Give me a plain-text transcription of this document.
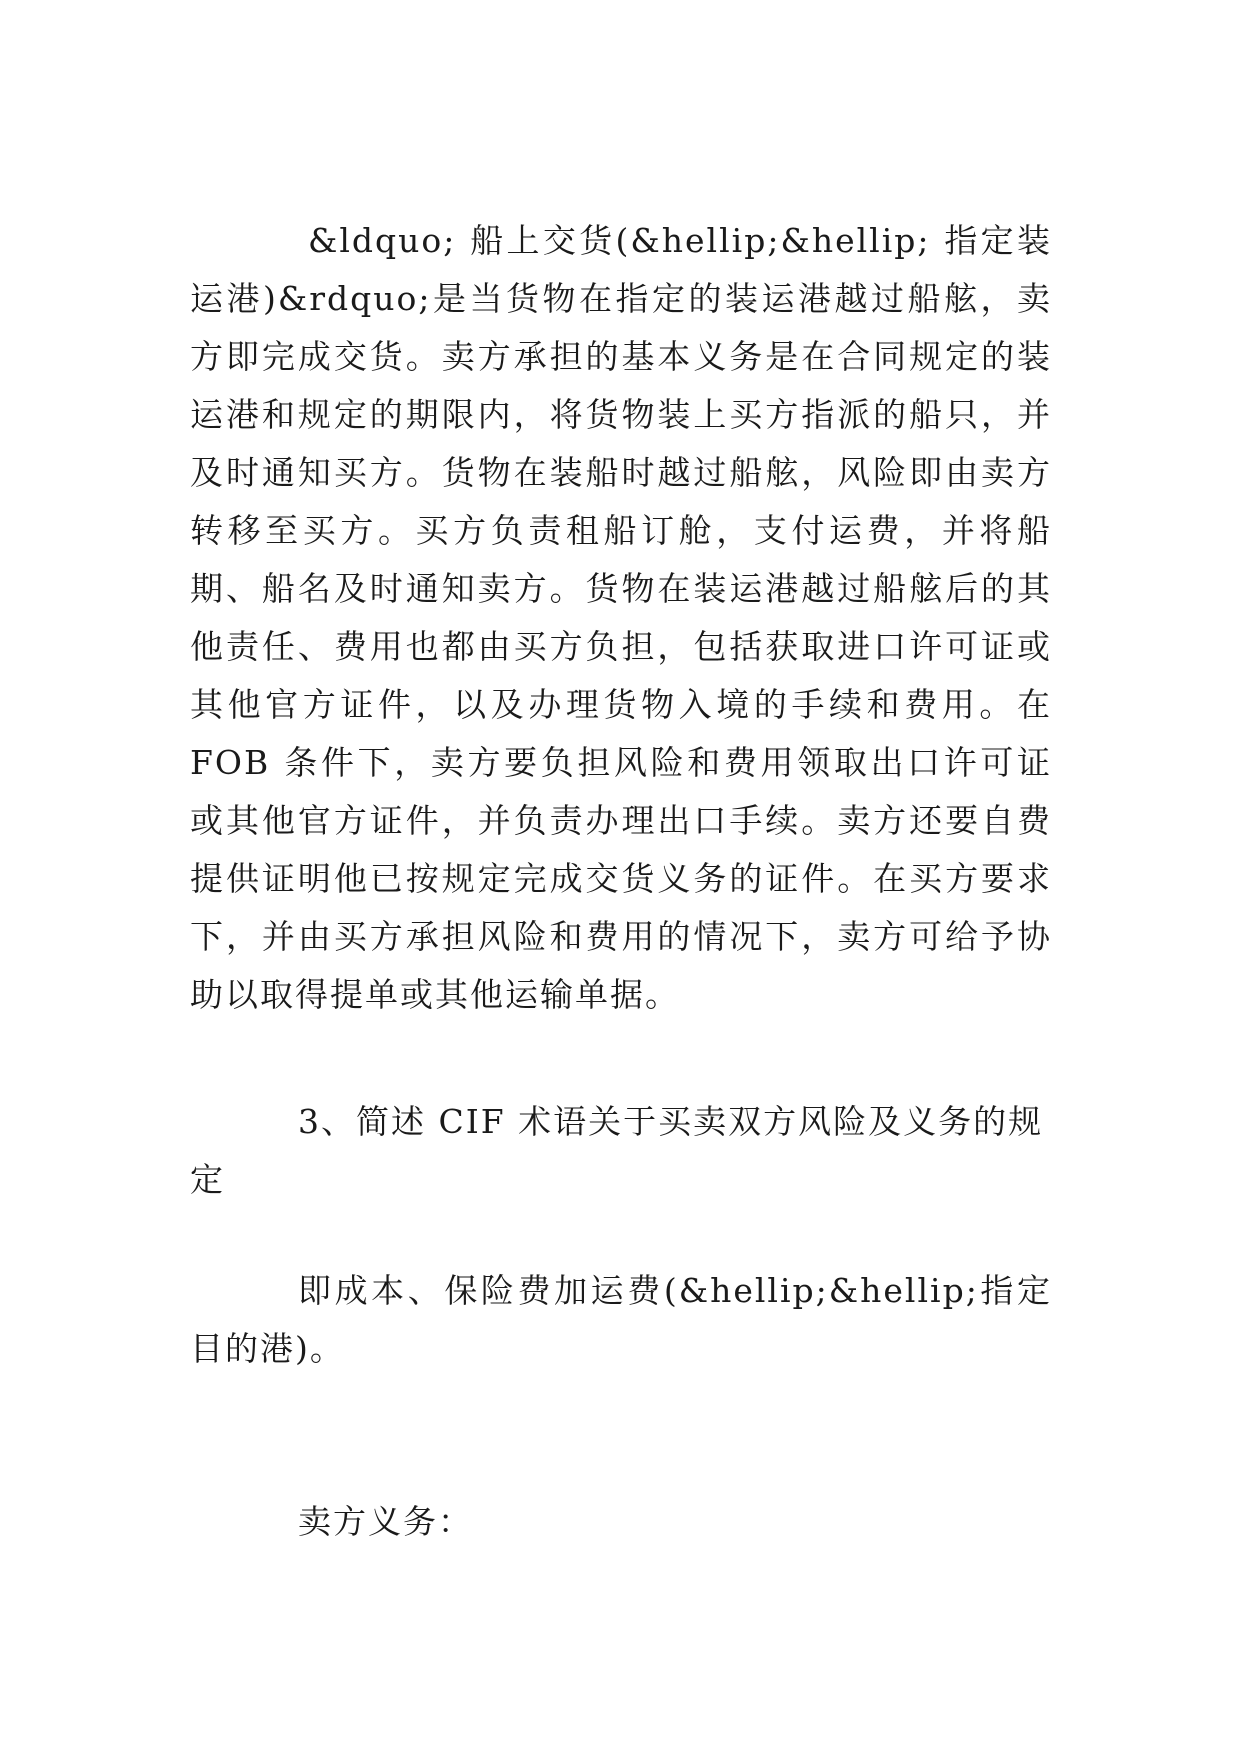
&ldquo; 船上交货(&hellip;&hellip; 指定装运港)&rdquo;是当货物在指定的装运港越过船舷，卖方即完成交货。卖方承担的基本义务是在合同规定的装运港和规定的期限内，将货物装上买方指派的船只，并及时通知买方。货物在装船时越过船舷，风险即由卖方转移至买方。买方负责租船订舱，支付运费，并将船期、船名及时通知卖方。货物在装运港越过船舷后的其他责任、费用也都由买方负担，包括获取进口许可证或其他官方证件，以及办理货物入境的手续和费用。在 FOB 条件下，卖方要负担风险和费用领取出口许可证或其他官方证件，并负责办理出口手续。卖方还要自费提供证明他已按规定完成交货义务的证件。在买方要求下，并由买方承担风险和费用的情况下，卖方可给予协助以取得提单或其他运输单据。

3、简述 CIF 术语关于买卖双方风险及义务的规定

即成本、保险费加运费(&hellip;&hellip;指定目的港)。

卖方义务：
